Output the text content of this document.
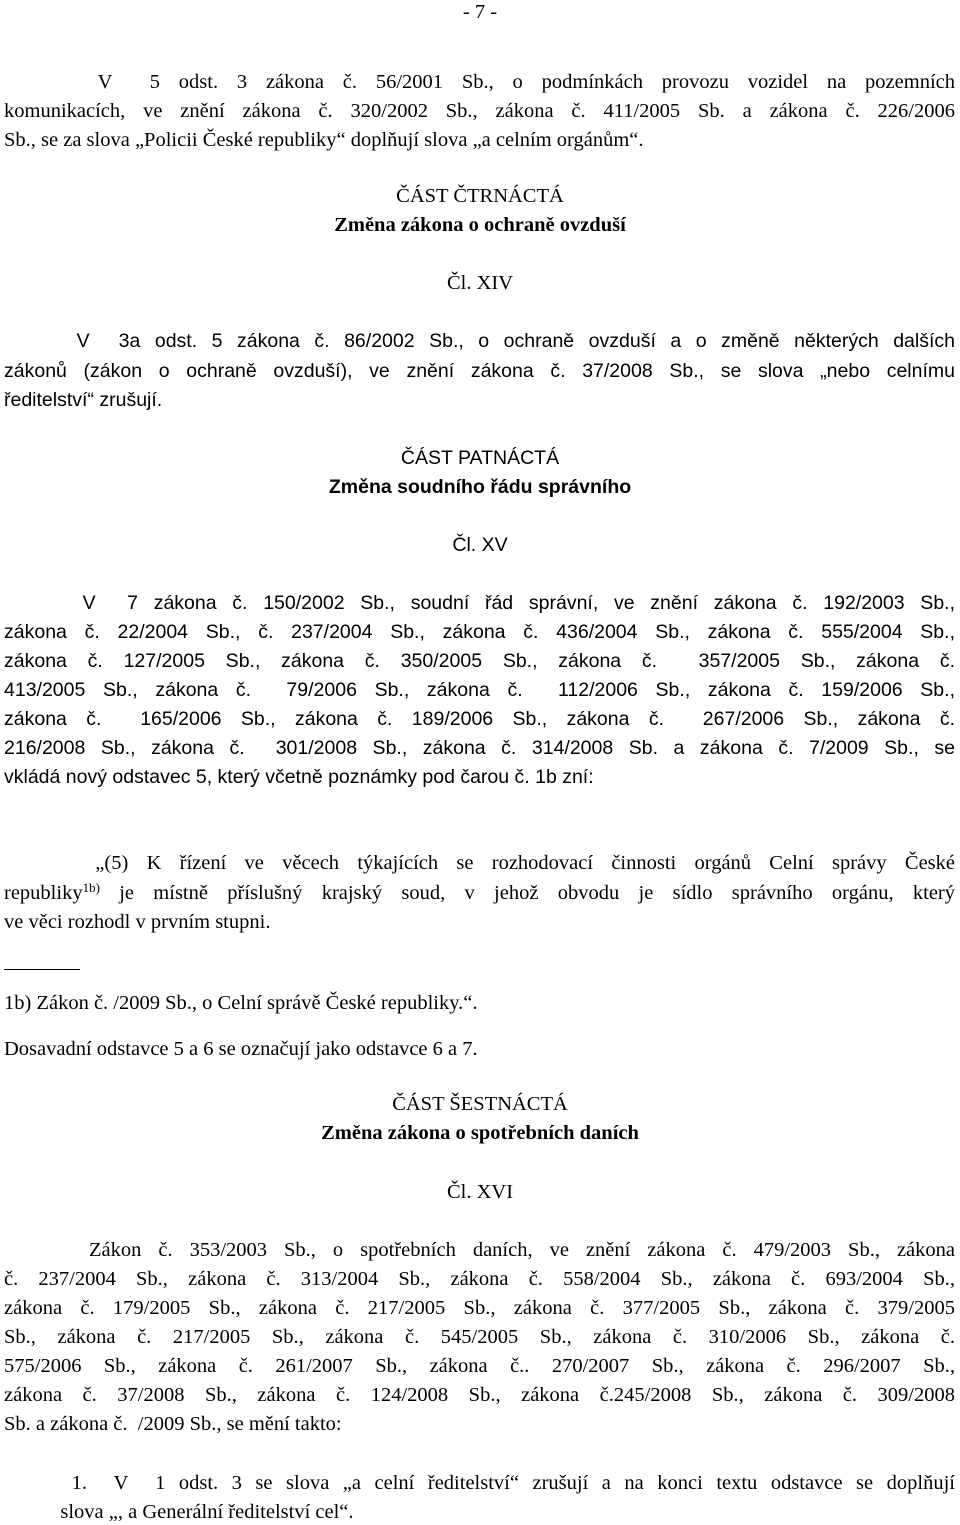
- 7 -
V  5 odst. 3 zákona č. 56/2001 Sb., o podmínkách provozu vozidel na pozemních
komunikacích, ve znění zákona č. 320/2002 Sb., zákona č. 411/2005 Sb. a zákona č. 226/2006
Sb., se za slova „Policii České republiky“ doplňují slova „a celním orgánům“.
ČÁST ČTRNÁCTÁ
Změna zákona o ochraně ovzduší
Čl. XIV
V  3a odst. 5 zákona č. 86/2002 Sb., o ochraně ovzduší a o změně některých dalších
zákonů (zákon o ochraně ovzduší), ve znění zákona č. 37/2008 Sb., se slova „nebo celnímu
ředitelství“ zrušují.
ČÁST PATNÁCTÁ
Změna soudního řádu správního
Čl. XV
V  7 zákona č. 150/2002 Sb., soudní řád správní, ve znění zákona č. 192/2003 Sb.,
zákona č. 22/2004 Sb., č. 237/2004 Sb., zákona č. 436/2004 Sb., zákona č. 555/2004 Sb.,
zákona č. 127/2005 Sb., zákona č. 350/2005 Sb., zákona č.  357/2005 Sb., zákona č.
413/2005 Sb., zákona č.  79/2006 Sb., zákona č.  112/2006 Sb., zákona č. 159/2006 Sb.,
zákona č.  165/2006 Sb., zákona č. 189/2006 Sb., zákona č.  267/2006 Sb., zákona č.
216/2008 Sb., zákona č.  301/2008 Sb., zákona č. 314/2008 Sb. a zákona č. 7/2009 Sb., se
vkládá nový odstavec 5, který včetně poznámky pod čarou č. 1b zní:
„(5) K řízení ve věcech týkajících se rozhodovací činnosti orgánů Celní správy České
republiky$^{1b)}$ je místně příslušný krajský soud, v jehož obvodu je sídlo správního orgánu, který
ve věci rozhodl v prvním stupni.
1b) Zákon č. /2009 Sb., o Celní správě České republiky.“.
Dosavadní odstavce 5 a 6 se označují jako odstavce 6 a 7.
ČÁST ŠESTNÁCTÁ
Změna zákona o spotřebních daních
Čl. XVI
Zákon č. 353/2003 Sb., o spotřebních daních, ve znění zákona č. 479/2003 Sb., zákona
č. 237/2004 Sb., zákona č. 313/2004 Sb., zákona č. 558/2004 Sb., zákona č. 693/2004 Sb.,
zákona č. 179/2005 Sb., zákona č. 217/2005 Sb., zákona č. 377/2005 Sb., zákona č. 379/2005
Sb., zákona č. 217/2005 Sb., zákona č. 545/2005 Sb., zákona č. 310/2006 Sb., zákona č.
575/2006 Sb., zákona č. 261/2007 Sb., zákona č.. 270/2007 Sb., zákona č. 296/2007 Sb.,
zákona č. 37/2008 Sb., zákona č. 124/2008 Sb., zákona č.245/2008 Sb., zákona č. 309/2008
Sb. a zákona č.  /2009 Sb., se mění takto:
1.  V  1 odst. 3 se slova „a celní ředitelství“ zrušují a na konci textu odstavce se doplňují
slova „, a Generální ředitelství cel“.
